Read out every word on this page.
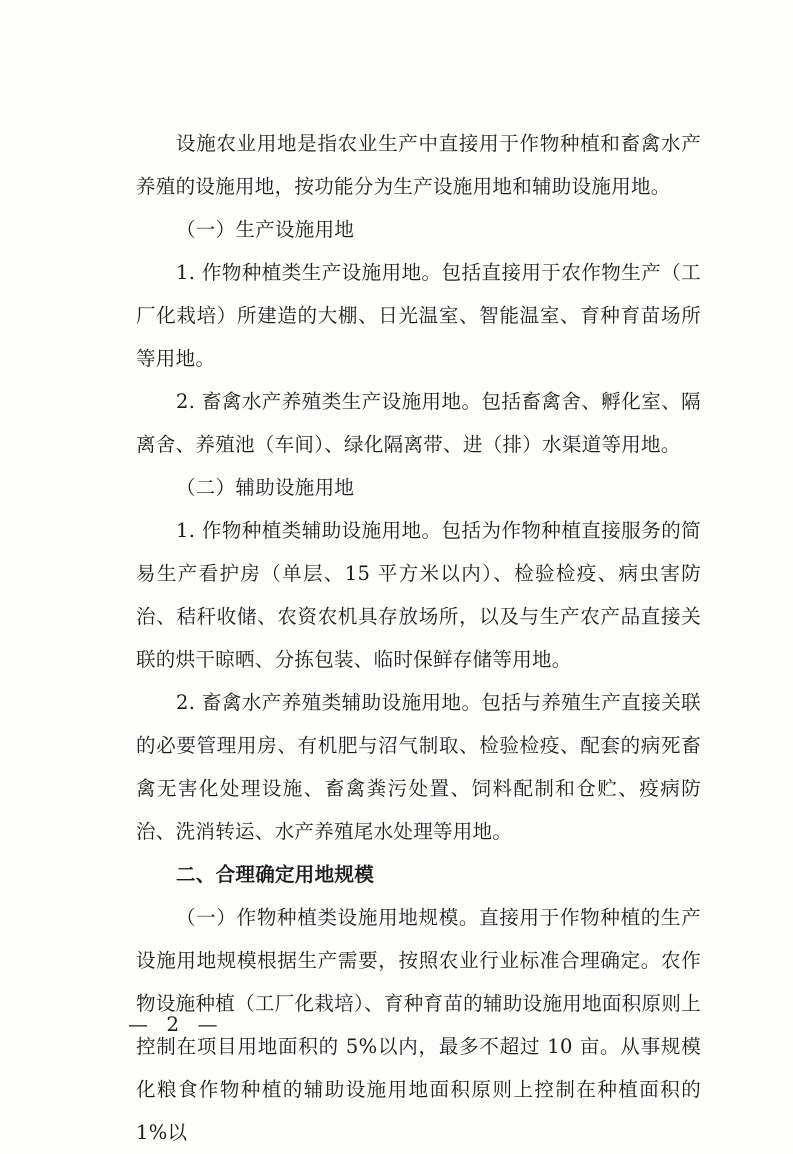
设施农业用地是指农业生产中直接用于作物种植和畜禽水产养殖的设施用地，按功能分为生产设施用地和辅助设施用地。

（一）生产设施用地

1. 作物种植类生产设施用地。包括直接用于农作物生产（工厂化栽培）所建造的大棚、日光温室、智能温室、育种育苗场所等用地。

2. 畜禽水产养殖类生产设施用地。包括畜禽舍、孵化室、隔离舍、养殖池（车间）、绿化隔离带、进（排）水渠道等用地。

（二）辅助设施用地

1. 作物种植类辅助设施用地。包括为作物种植直接服务的简易生产看护房（单层、15 平方米以内）、检验检疫、病虫害防治、秸秆收储、农资农机具存放场所，以及与生产农产品直接关联的烘干晾晒、分拣包装、临时保鲜存储等用地。

2. 畜禽水产养殖类辅助设施用地。包括与养殖生产直接关联的必要管理用房、有机肥与沼气制取、检验检疫、配套的病死畜禽无害化处理设施、畜禽粪污处置、饲料配制和仓贮、疫病防治、洗消转运、水产养殖尾水处理等用地。

二、合理确定用地规模

（一）作物种植类设施用地规模。直接用于作物种植的生产设施用地规模根据生产需要，按照农业行业标准合理确定。农作物设施种植（工厂化栽培）、育种育苗的辅助设施用地面积原则上控制在项目用地面积的 5%以内，最多不超过 10 亩。从事规模化粮食作物种植的辅助设施用地面积原则上控制在种植面积的 1%以

— 2 —
